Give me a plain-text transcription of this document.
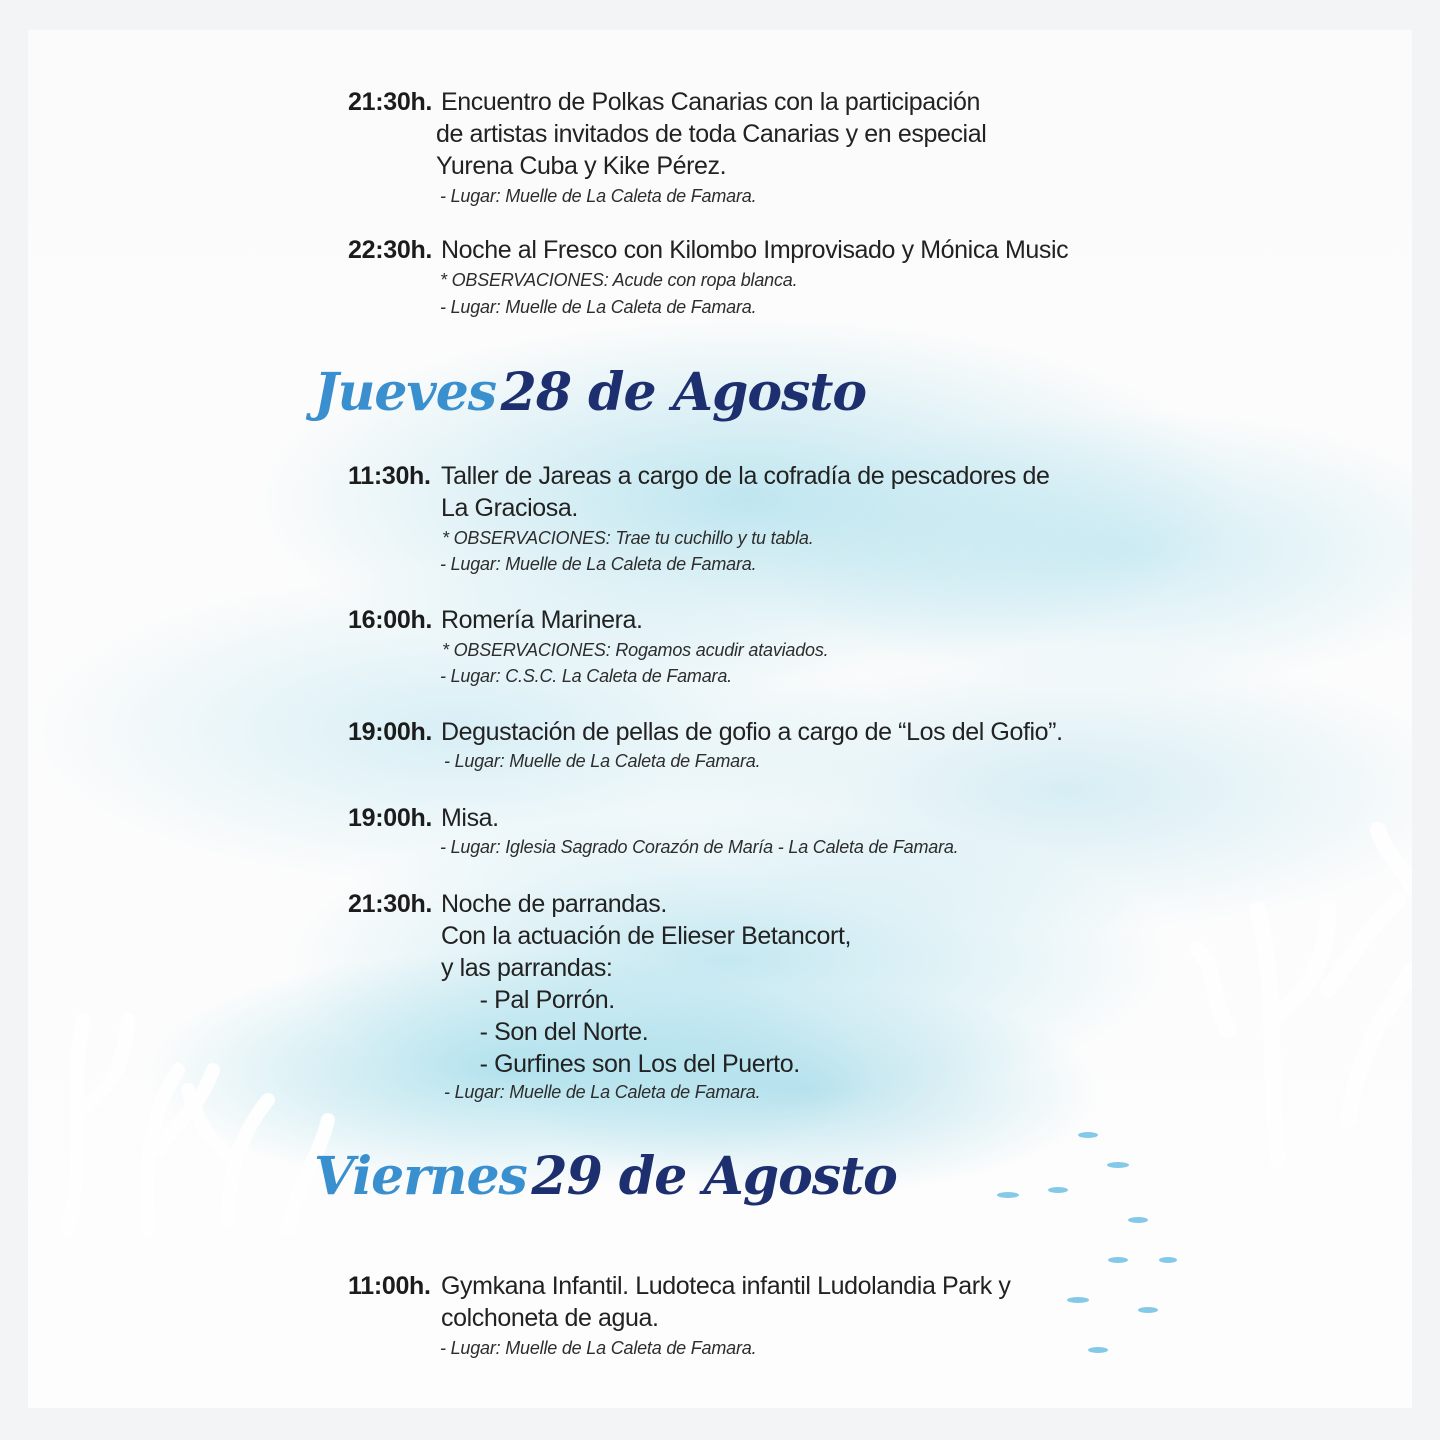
21:30h. Encuentro de Polkas Canarias con la participación
de artistas invitados de toda Canarias y en especial
Yurena Cuba y Kike Pérez.
- Lugar: Muelle de La Caleta de Famara.
22:30h. Noche al Fresco con Kilombo Improvisado y Mónica Music
* OBSERVACIONES: Acude con ropa blanca.
- Lugar: Muelle de La Caleta de Famara.
Jueves 28 de Agosto
11:30h. Taller de Jareas a cargo de la cofradía de pescadores de
La Graciosa.
* OBSERVACIONES: Trae tu cuchillo y tu tabla.
- Lugar: Muelle de La Caleta de Famara.
16:00h. Romería Marinera.
* OBSERVACIONES: Rogamos acudir ataviados.
- Lugar: C.S.C. La Caleta de Famara.
19:00h. Degustación de pellas de gofio a cargo de “Los del Gofio”.
- Lugar: Muelle de La Caleta de Famara.
19:00h. Misa.
- Lugar: Iglesia Sagrado Corazón de María - La Caleta de Famara.
21:30h. Noche de parrandas.
Con la actuación de Elieser Betancort,
y las parrandas:
- Pal Porrón.
- Son del Norte.
- Gurfines son Los del Puerto.
- Lugar: Muelle de La Caleta de Famara.
Viernes 29 de Agosto
11:00h. Gymkana Infantil. Ludoteca infantil Ludolandia Park y
colchoneta de agua.
- Lugar: Muelle de La Caleta de Famara.
